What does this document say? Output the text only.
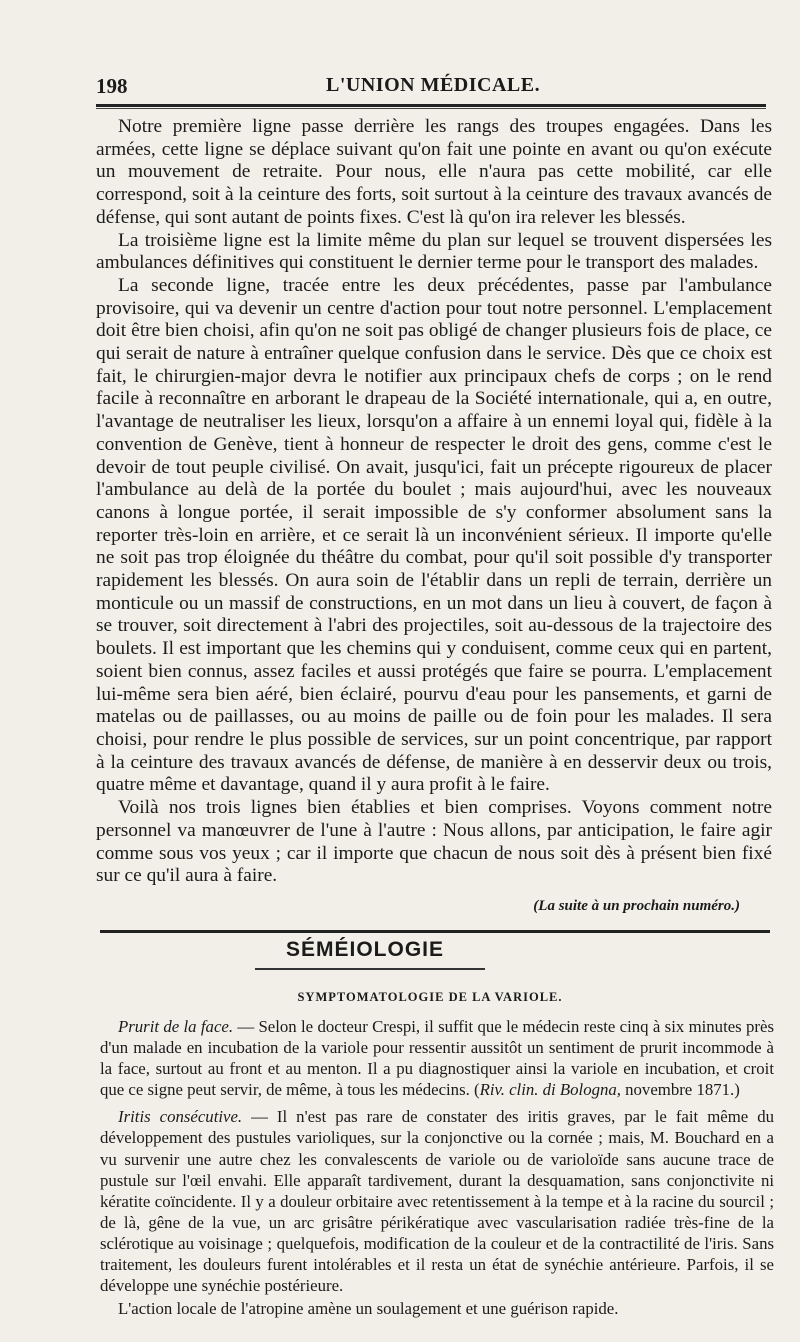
198	L'UNION MÉDICALE.

Notre première ligne passe derrière les rangs des troupes engagées. Dans les armées, cette ligne se déplace suivant qu'on fait une pointe en avant ou qu'on exécute un mouvement de retraite. Pour nous, elle n'aura pas cette mobilité, car elle correspond, soit à la ceinture des forts, soit surtout à la ceinture des travaux avancés de défense, qui sont autant de points fixes. C'est là qu'on ira relever les blessés.

La troisième ligne est la limite même du plan sur lequel se trouvent dispersées les ambulances définitives qui constituent le dernier terme pour le transport des malades.

La seconde ligne, tracée entre les deux précédentes, passe par l'ambulance provisoire, qui va devenir un centre d'action pour tout notre personnel. L'emplacement doit être bien choisi, afin qu'on ne soit pas obligé de changer plusieurs fois de place, ce qui serait de nature à entraîner quelque confusion dans le service. Dès que ce choix est fait, le chirurgien-major devra le notifier aux principaux chefs de corps ; on le rend facile à reconnaître en arborant le drapeau de la Société internationale, qui a, en outre, l'avantage de neutraliser les lieux, lorsqu'on a affaire à un ennemi loyal qui, fidèle à la convention de Genève, tient à honneur de respecter le droit des gens, comme c'est le devoir de tout peuple civilisé. On avait, jusqu'ici, fait un précepte rigoureux de placer l'ambulance au delà de la portée du boulet ; mais aujourd'hui, avec les nouveaux canons à longue portée, il serait impossible de s'y conformer absolument sans la reporter très-loin en arrière, et ce serait là un inconvénient sérieux. Il importe qu'elle ne soit pas trop éloignée du théâtre du combat, pour qu'il soit possible d'y transporter rapidement les blessés. On aura soin de l'établir dans un repli de terrain, derrière un monticule ou un massif de constructions, en un mot dans un lieu à couvert, de façon à se trouver, soit directement à l'abri des projectiles, soit au-dessous de la trajectoire des boulets. Il est important que les chemins qui y conduisent, comme ceux qui en partent, soient bien connus, assez faciles et aussi protégés que faire se pourra. L'emplacement lui-même sera bien aéré, bien éclairé, pourvu d'eau pour les pansements, et garni de matelas ou de paillasses, ou au moins de paille ou de foin pour les malades. Il sera choisi, pour rendre le plus possible de services, sur un point concentrique, par rapport à la ceinture des travaux avancés de défense, de manière à en desservir deux ou trois, quatre même et davantage, quand il y aura profit à le faire.

Voilà nos trois lignes bien établies et bien comprises. Voyons comment notre personnel va manœuvrer de l'une à l'autre : Nous allons, par anticipation, le faire agir comme sous vos yeux ; car il importe que chacun de nous soit dès à présent bien fixé sur ce qu'il aura à faire.

(La suite à un prochain numéro.)
SÉMÉIOLOGIE
SYMPTOMATOLOGIE DE LA VARIOLE.

Prurit de la face. — Selon le docteur Crespi, il suffit que le médecin reste cinq à six minutes près d'un malade en incubation de la variole pour ressentir aussitôt un sentiment de prurit incommode à la face, surtout au front et au menton. Il a pu diagnostiquer ainsi la variole en incubation, et croit que ce signe peut servir, de même, à tous les médecins. (Riv. clin. di Bologna, novembre 1871.)

Iritis consécutive. — Il n'est pas rare de constater des iritis graves, par le fait même du développement des pustules varioliques, sur la conjonctive ou la cornée ; mais, M. Bouchard en a vu survenir une autre chez les convalescents de variole ou de varioloïde sans aucune trace de pustule sur l'œil envahi. Elle apparaît tardivement, durant la desquamation, sans conjonctivite ni kératite coïncidente. Il y a douleur orbitaire avec retentissement à la tempe et à la racine du sourcil ; de là, gêne de la vue, un arc grisâtre périkératique avec vascularisation radiée très-fine de la sclérotique au voisinage ; quelquefois, modification de la couleur et de la contractilité de l'iris. Sans traitement, les douleurs furent intolérables et il resta un état de synéchie antérieure. Parfois, il se développe une synéchie postérieure.

L'action locale de l'atropine amène un soulagement et une guérison rapide.
